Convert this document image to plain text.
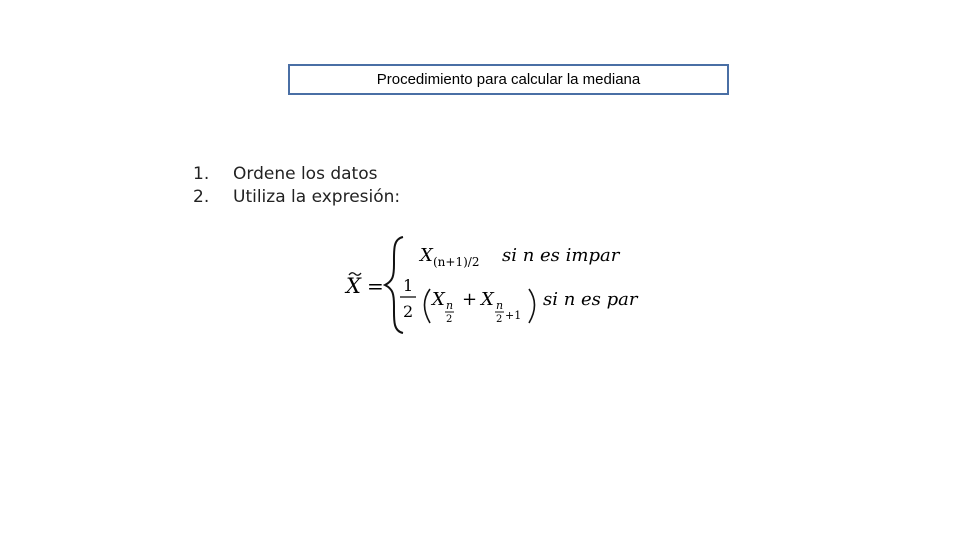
Procedimiento para calcular la mediana
1.	Ordene los datos
2.	Utiliza la expresión:
X =
X (n+1)/2 si n es impar
1
2
X n
2
+ X n
2 +1
si n es par
